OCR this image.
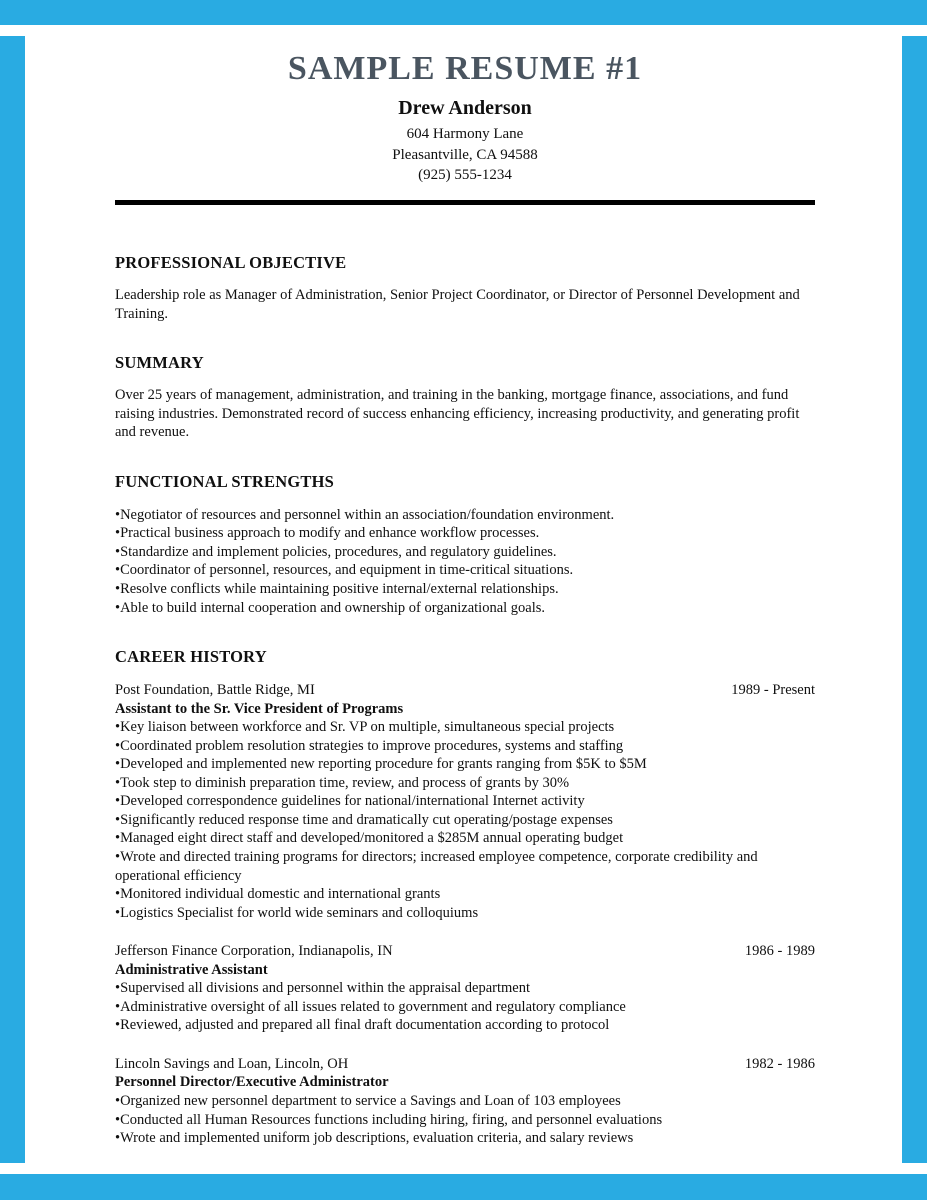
SAMPLE RESUME #1
Drew Anderson
604 Harmony Lane
Pleasantville, CA 94588
(925) 555-1234
PROFESSIONAL OBJECTIVE

Leadership role as Manager of Administration, Senior Project Coordinator, or Director of Personnel Development and Training.

SUMMARY

Over 25 years of management, administration, and training in the banking, mortgage finance, associations, and fund raising industries. Demonstrated record of success enhancing efficiency, increasing productivity, and generating profit and revenue.

FUNCTIONAL STRENGTHS
• Negotiator of resources and personnel within an association/foundation environment.
• Practical business approach to modify and enhance workflow processes.
• Standardize and implement policies, procedures, and regulatory guidelines.
• Coordinator of personnel, resources, and equipment in time-critical situations.
• Resolve conflicts while maintaining positive internal/external relationships.
• Able to build internal cooperation and ownership of organizational goals.
CAREER HISTORY
Post Foundation, Battle Ridge, MI	1989 - Present
Assistant to the Sr. Vice President of Programs
• Key liaison between workforce and Sr. VP on multiple, simultaneous special projects
• Coordinated problem resolution strategies to improve procedures, systems and staffing
• Developed and implemented new reporting procedure for grants ranging from $5K to $5M
• Took step to diminish preparation time, review, and process of grants by 30%
• Developed correspondence guidelines for national/international Internet activity
• Significantly reduced response time and dramatically cut operating/postage expenses
• Managed eight direct staff and developed/monitored a $285M annual operating budget
• Wrote and directed training programs for directors; increased employee competence, corporate credibility and operational efficiency
• Monitored individual domestic and international grants
• Logistics Specialist for world wide seminars and colloquiums
Jefferson Finance Corporation, Indianapolis, IN	1986 - 1989
Administrative Assistant
• Supervised all divisions and personnel within the appraisal department
• Administrative oversight of all issues related to government and regulatory compliance
• Reviewed, adjusted and prepared all final draft documentation according to protocol
Lincoln Savings and Loan, Lincoln, OH	1982 - 1986
Personnel Director/Executive Administrator
• Organized new personnel department to service a Savings and Loan of 103 employees
• Conducted all Human Resources functions including hiring, firing, and personnel evaluations
• Wrote and implemented uniform job descriptions, evaluation criteria, and salary reviews
